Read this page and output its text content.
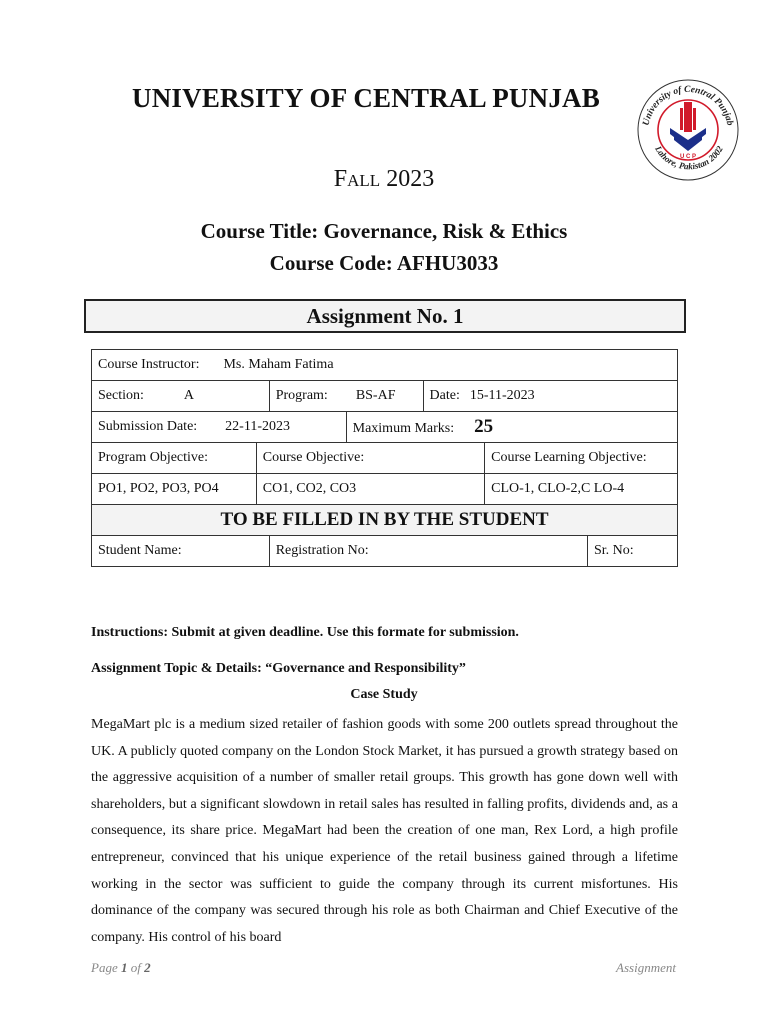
UNIVERSITY OF CENTRAL PUNJAB
University of Central Punjab
Lahore, Pakistan 2002
U C P
Fall 2023
Course Title: Governance, Risk & Ethics
Course Code: AFHU3033
Assignment No. 1
Course Instructor: Ms. Maham Fatima						
Section: A		Program: BS-AF		Date: 15-11-2023		
Submission Date: 22-11-2023			Maximum Marks: 25			
Program Objective:	Course Objective:				Course Learning Objective:	
PO1, PO2, PO3, PO4	CO1, CO2, CO3				CLO-1, CLO-2,C LO-4	
TO BE FILLED IN BY THE STUDENT						
Student Name:		Registration No:				Sr. No:
Instructions: Submit at given deadline. Use this formate for submission.
Assignment Topic & Details: “Governance and Responsibility”
Case Study
MegaMart plc is a medium sized retailer of fashion goods with some 200 outlets spread throughout the UK. A publicly quoted company on the London Stock Market, it has pursued a growth strategy based on the aggressive acquisition of a number of smaller retail groups. This growth has gone down well with shareholders, but a significant slowdown in retail sales has resulted in falling profits, dividends and, as a consequence, its share price. MegaMart had been the creation of one man, Rex Lord, a high profile entrepreneur, convinced that his unique experience of the retail business gained through a lifetime working in the sector was sufficient to guide the company through its current misfortunes. His dominance of the company was secured through his role as both Chairman and Chief Executive of the company. His control of his board
Page 1 of 2	Assignment
